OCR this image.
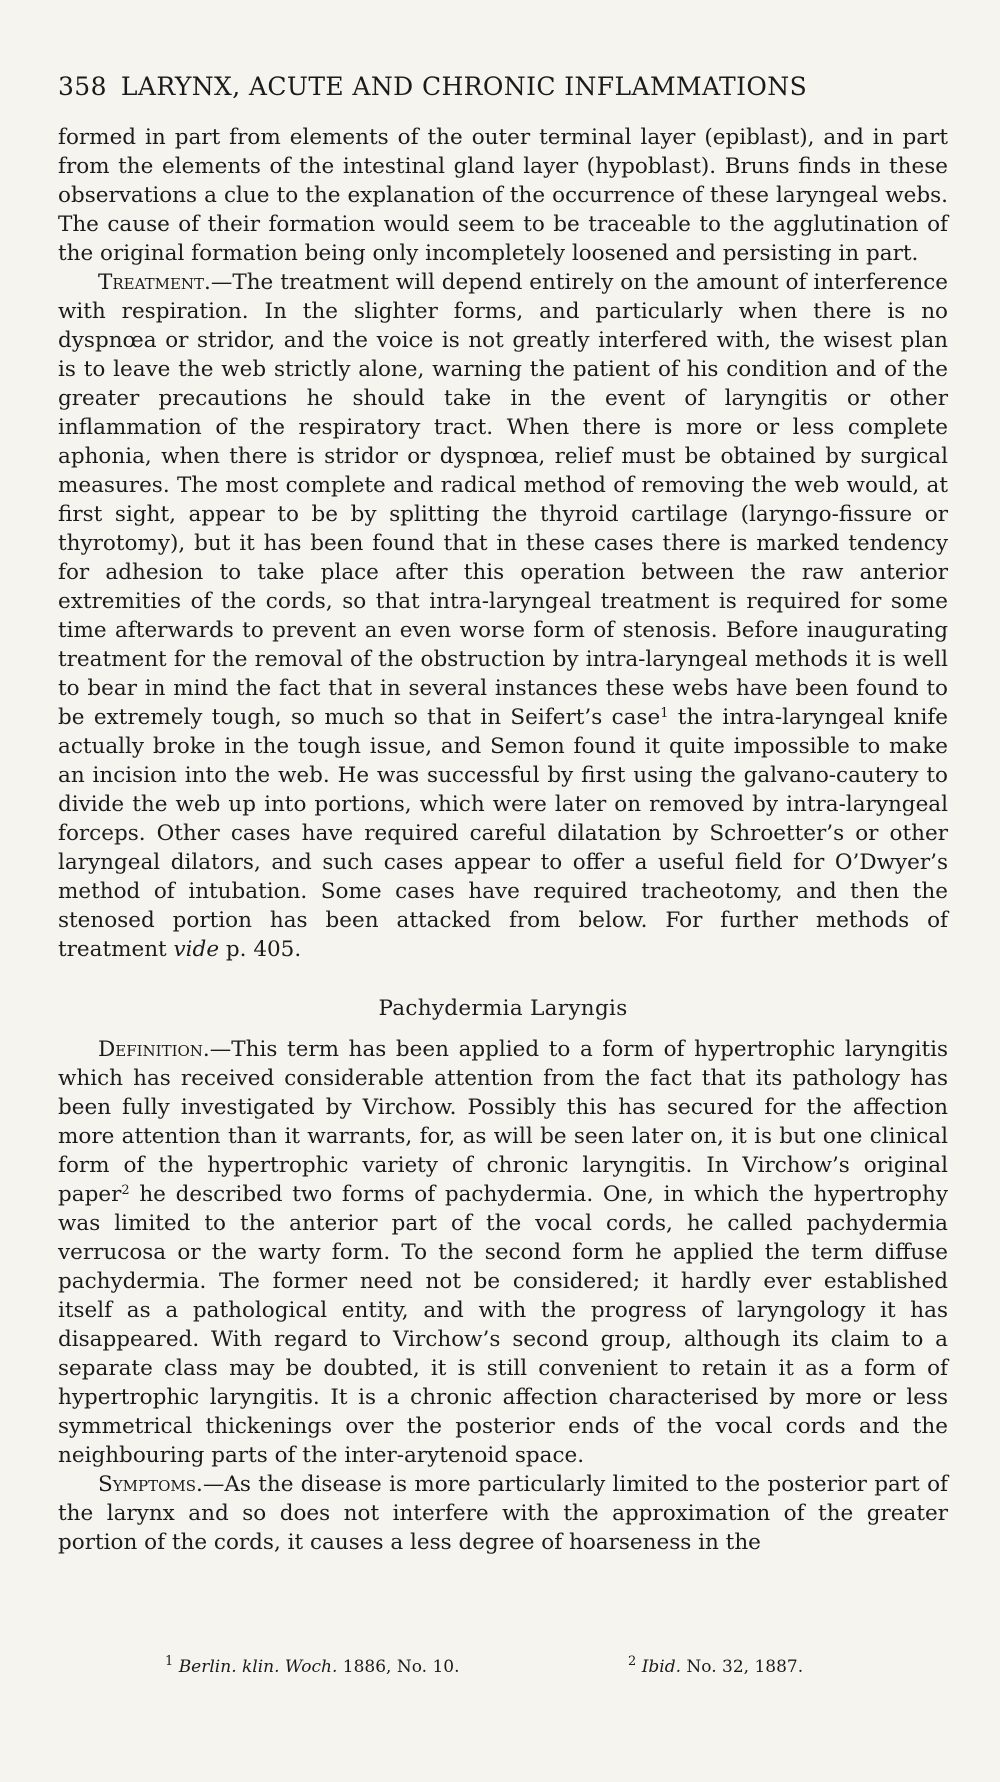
358 LARYNX, ACUTE AND CHRONIC INFLAMMATIONS

formed in part from elements of the outer terminal layer (epiblast), and in part from the elements of the intestinal gland layer (hypoblast). Bruns finds in these observations a clue to the explanation of the occurrence of these laryngeal webs. The cause of their formation would seem to be traceable to the agglutination of the original formation being only incompletely loosened and persisting in part.

Treatment.—The treatment will depend entirely on the amount of interference with respiration. In the slighter forms, and particularly when there is no dyspnœa or stridor, and the voice is not greatly interfered with, the wisest plan is to leave the web strictly alone, warning the patient of his condition and of the greater precautions he should take in the event of laryngitis or other inflammation of the respiratory tract. When there is more or less complete aphonia, when there is stridor or dyspnœa, relief must be obtained by surgical measures. The most complete and radical method of removing the web would, at first sight, appear to be by splitting the thyroid cartilage (laryngo-fissure or thyrotomy), but it has been found that in these cases there is marked tendency for adhesion to take place after this operation between the raw anterior extremities of the cords, so that intra-laryngeal treatment is required for some time afterwards to prevent an even worse form of stenosis. Before inaugurating treatment for the removal of the obstruction by intra-laryngeal methods it is well to bear in mind the fact that in several instances these webs have been found to be extremely tough, so much so that in Seifert’s case$^1$ the intra-laryngeal knife actually broke in the tough issue, and Semon found it quite impossible to make an incision into the web. He was successful by first using the galvano-cautery to divide the web up into portions, which were later on removed by intra-laryngeal forceps. Other cases have required careful dilatation by Schroetter’s or other laryngeal dilators, and such cases appear to offer a useful field for O’Dwyer’s method of intubation. Some cases have required tracheotomy, and then the stenosed portion has been attacked from below. For further methods of treatment vide p. 405.

Pachydermia Laryngis

Definition.—This term has been applied to a form of hypertrophic laryngitis which has received considerable attention from the fact that its pathology has been fully investigated by Virchow. Possibly this has secured for the affection more attention than it warrants, for, as will be seen later on, it is but one clinical form of the hypertrophic variety of chronic laryngitis. In Virchow’s original paper$^2$ he described two forms of pachydermia. One, in which the hypertrophy was limited to the anterior part of the vocal cords, he called pachydermia verrucosa or the warty form. To the second form he applied the term diffuse pachydermia. The former need not be considered; it hardly ever established itself as a pathological entity, and with the progress of laryngology it has disappeared. With regard to Virchow’s second group, although its claim to a separate class may be doubted, it is still convenient to retain it as a form of hypertrophic laryngitis. It is a chronic affection characterised by more or less symmetrical thickenings over the posterior ends of the vocal cords and the neighbouring parts of the inter-arytenoid space.

Symptoms.—As the disease is more particularly limited to the posterior part of the larynx and so does not interfere with the approximation of the greater portion of the cords, it causes a less degree of hoarseness in the

$^1$ Berlin. klin. Woch. 1886, No. 10.	$^2$ Ibid. No. 32, 1887.
